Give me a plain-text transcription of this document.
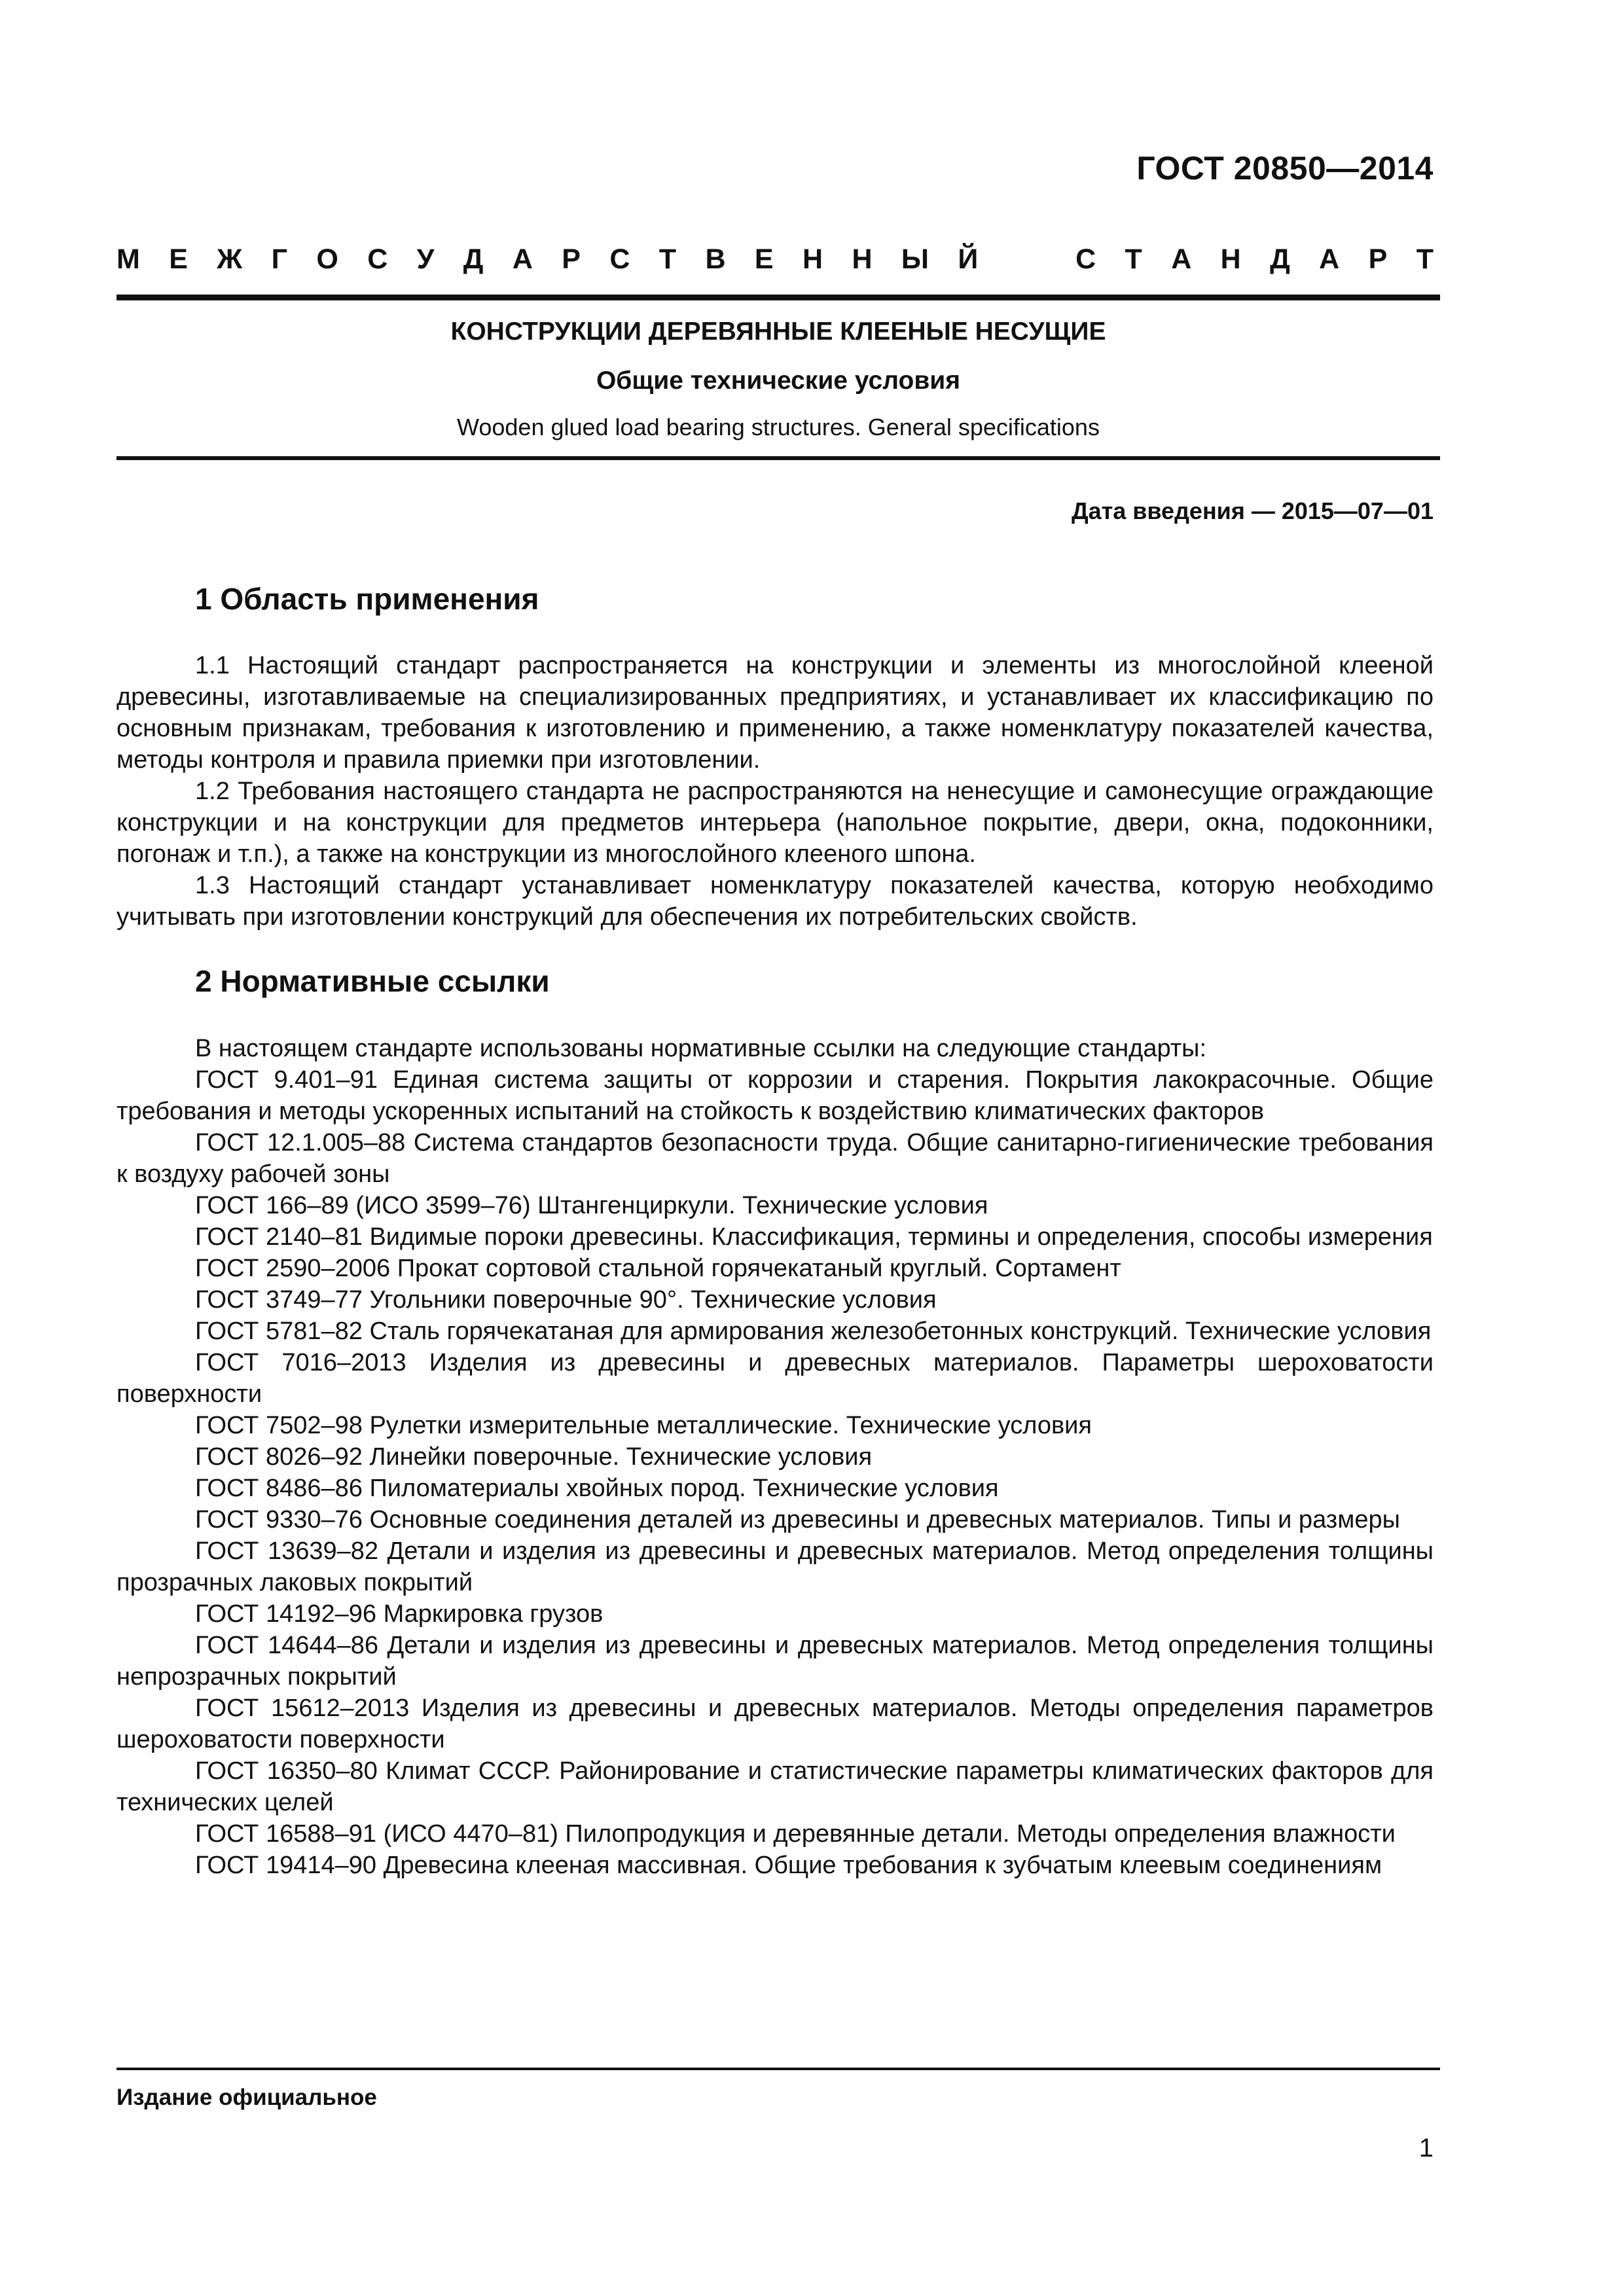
ГОСТ 20850—2014
М Е Ж Г О С У Д А Р С Т В Е Н Н Ы Й	С Т А Н Д А Р Т
КОНСТРУКЦИИ ДЕРЕВЯННЫЕ КЛЕЕНЫЕ НЕСУЩИЕ
Общие технические условия
Wooden glued load bearing structures. General specifications
Дата введения — 2015—07—01
1 Область применения

1.1 Настоящий стандарт распространяется на конструкции и элементы из многослойной клееной древесины, изготавливаемые на специализированных предприятиях, и устанавливает их классификацию по основным признакам, требования к изготовлению и применению, а также номенклатуру показателей качества, методы контроля и правила приемки при изготовлении.

1.2 Требования настоящего стандарта не распространяются на ненесущие и самонесущие ограждающие конструкции и на конструкции для предметов интерьера (напольное покрытие, двери, окна, подоконники, погонаж и т.п.), а также на конструкции из многослойного клееного шпона.

1.3 Настоящий стандарт устанавливает номенклатуру показателей качества, которую необходимо учитывать при изготовлении конструкций для обеспечения их потребительских свойств.

2 Нормативные ссылки

В настоящем стандарте использованы нормативные ссылки на следующие стандарты:

ГОСТ 9.401–91 Единая система защиты от коррозии и старения. Покрытия лакокрасочные. Общие требования и методы ускоренных испытаний на стойкость к воздействию климатических факторов

ГОСТ 12.1.005–88 Система стандартов безопасности труда. Общие санитарно-гигиенические требования к воздуху рабочей зоны

ГОСТ 166–89 (ИСО 3599–76) Штангенциркули. Технические условия

ГОСТ 2140–81 Видимые пороки древесины. Классификация, термины и определения, способы измерения

ГОСТ 2590–2006 Прокат сортовой стальной горячекатаный круглый. Сортамент

ГОСТ 3749–77 Угольники поверочные 90°. Технические условия

ГОСТ 5781–82 Сталь горячекатаная для армирования железобетонных конструкций. Технические условия

ГОСТ 7016–2013 Изделия из древесины и древесных материалов. Параметры шероховатости поверхности

ГОСТ 7502–98 Рулетки измерительные металлические. Технические условия

ГОСТ 8026–92 Линейки поверочные. Технические условия

ГОСТ 8486–86 Пиломатериалы хвойных пород. Технические условия

ГОСТ 9330–76 Основные соединения деталей из древесины и древесных материалов. Типы и размеры

ГОСТ 13639–82 Детали и изделия из древесины и древесных материалов. Метод определения толщины прозрачных лаковых покрытий

ГОСТ 14192–96 Маркировка грузов

ГОСТ 14644–86 Детали и изделия из древесины и древесных материалов. Метод определения толщины непрозрачных покрытий

ГОСТ 15612–2013 Изделия из древесины и древесных материалов. Методы определения параметров шероховатости поверхности

ГОСТ 16350–80 Климат СССР. Районирование и статистические параметры климатических факторов для технических целей

ГОСТ 16588–91 (ИСО 4470–81) Пилопродукция и деревянные детали. Методы определения влажности

ГОСТ 19414–90 Древесина клееная массивная. Общие требования к зубчатым клеевым соединениям

Издание официальное
1
